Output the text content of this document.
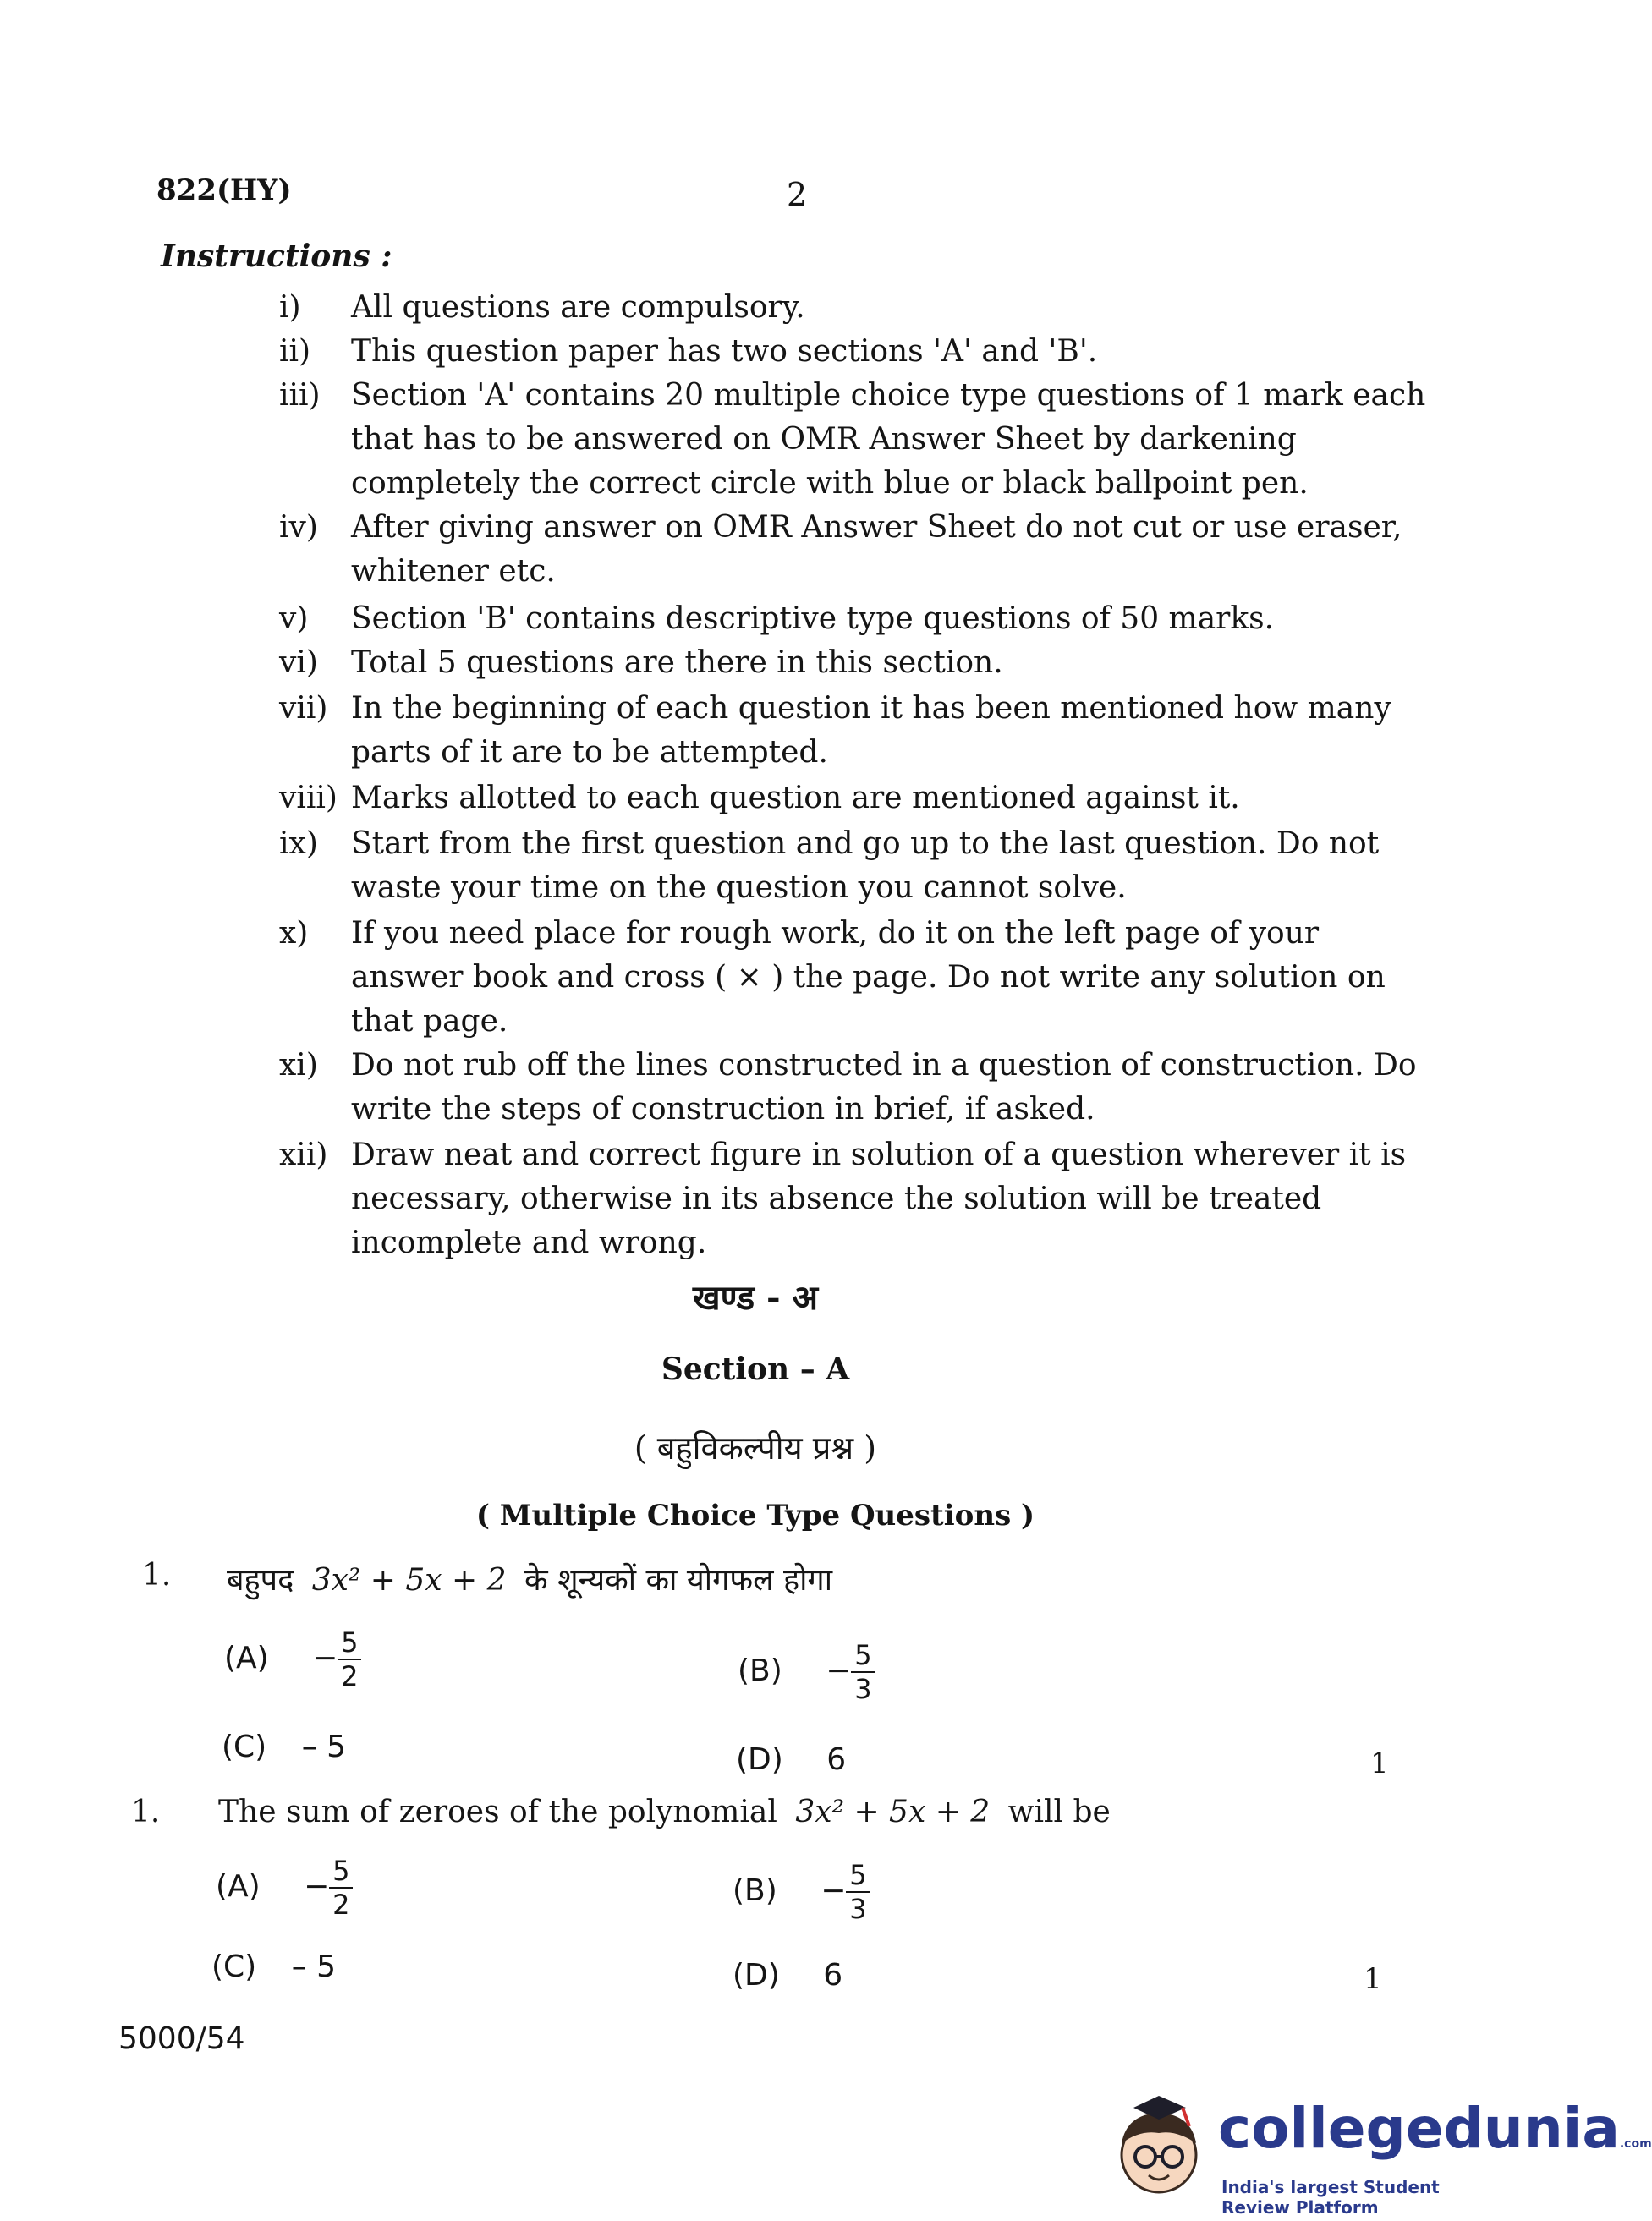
822(HY)	2
Instructions :
i) All questions are compulsory.
ii) This question paper has two sections 'A' and 'B'.
iii) Section 'A' contains 20 multiple choice type questions of 1 mark each that has to be answered on OMR Answer Sheet by darkening completely the correct circle with blue or black ballpoint pen.
iv) After giving answer on OMR Answer Sheet do not cut or use eraser, whitener etc.
v) Section 'B' contains descriptive type questions of 50 marks.
vi) Total 5 questions are there in this section.
vii) In the beginning of each question it has been mentioned how many parts of it are to be attempted.
viii) Marks allotted to each question are mentioned against it.
ix) Start from the first question and go up to the last question. Do not waste your time on the question you cannot solve.
x) If you need place for rough work, do it on the left page of your answer book and cross ( × ) the page. Do not write any solution on that page.
xi) Do not rub off the lines constructed in a question of construction. Do write the steps of construction in brief, if asked.
xii) Draw neat and correct figure in solution of a question wherever it is necessary, otherwise in its absence the solution will be treated incomplete and wrong.
खण्ड - अ
Section – A
( बहुविकल्पीय प्रश्न )
( Multiple Choice Type Questions )
1. बहुपद 3x² + 5x + 2 के शून्यकों का योगफल होगा
$(A) - \frac{5}{2}$	$(B) - \frac{5}{3}$
(C) – 5	(D) 6	1
1. The sum of zeroes of the polynomial 3x² + 5x + 2 will be
$(A) - \frac{5}{2}$	$(B) - \frac{5}{3}$
(C) – 5	(D) 6	1
5000/54
collegedunia.com
India's largest Student Review Platform
